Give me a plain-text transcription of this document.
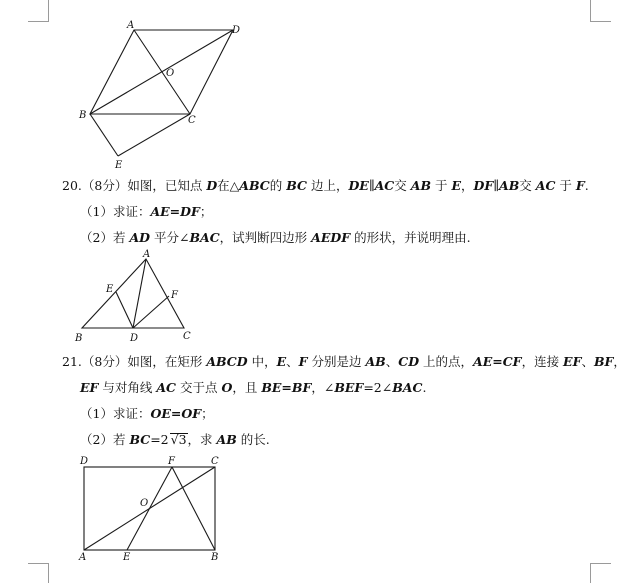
A	D
O
B	C
E
20.（8分）如图，已知点 D在△ABC的 BC 边上，DE∥AC交 AB 于 E，DF∥AB交 AC 于 F.
（1）求证：AE=DF；
（2）若 AD 平分∠BAC，试判断四边形 AEDF 的形状，并说明理由.
A
E
F
B	D	C
21.（8分）如图，在矩形 ABCD 中，E、F 分别是边 AB、CD 上的点，AE=CF，连接 EF、BF，
EF 与对角线 AC 交于点 O，且 BE=BF，∠BEF=2∠BAC.
（1）求证：OE=OF；
（2）若 BC=2 √3，求 AB 的长.
D	F	C
O
A	E	B
